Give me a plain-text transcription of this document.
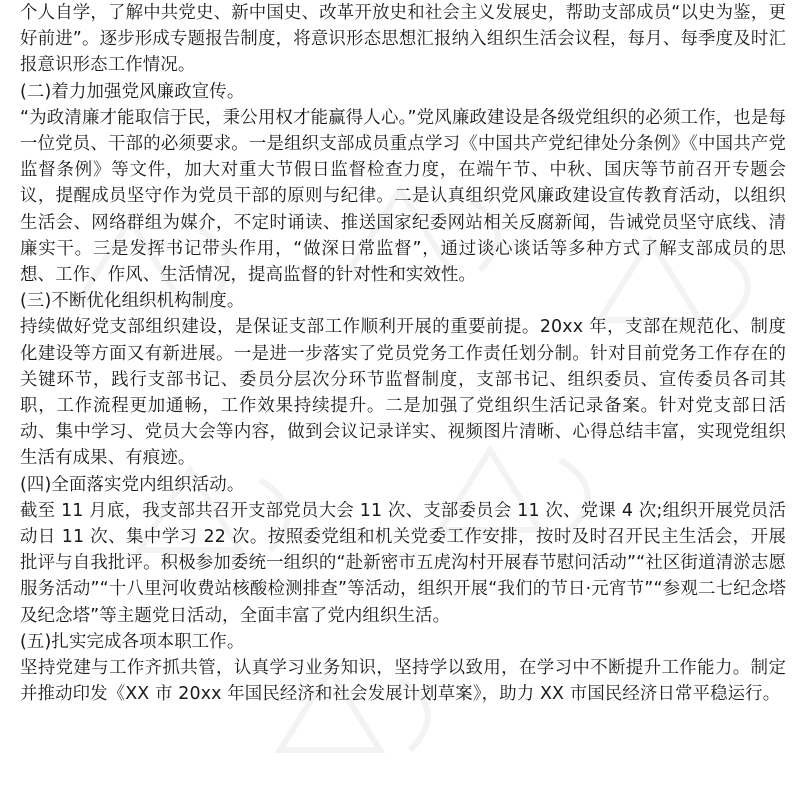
个人自学，了解中共党史、新中国史、改革开放史和社会主义发展史，帮助支部成员“以史为鉴，更好前进”。逐步形成专题报告制度，将意识形态思想汇报纳入组织生活会议程，每月、每季度及时汇报意识形态工作情况。

(二)着力加强党风廉政宣传。

“为政清廉才能取信于民，秉公用权才能赢得人心。”党风廉政建设是各级党组织的必须工作，也是每一位党员、干部的必须要求。一是组织支部成员重点学习《中国共产党纪律处分条例》《中国共产党监督条例》等文件，加大对重大节假日监督检查力度，在端午节、中秋、国庆等节前召开专题会议，提醒成员坚守作为党员干部的原则与纪律。二是认真组织党风廉政建设宣传教育活动，以组织生活会、网络群组为媒介，不定时诵读、推送国家纪委网站相关反腐新闻，告诫党员坚守底线、清廉实干。三是发挥书记带头作用，“做深日常监督”，通过谈心谈话等多种方式了解支部成员的思想、工作、作风、生活情况，提高监督的针对性和实效性。

(三)不断优化组织机构制度。

持续做好党支部组织建设，是保证支部工作顺利开展的重要前提。20xx 年，支部在规范化、制度化建设等方面又有新进展。一是进一步落实了党员党务工作责任划分制。针对目前党务工作存在的关键环节，践行支部书记、委员分层次分环节监督制度，支部书记、组织委员、宣传委员各司其职，工作流程更加通畅，工作效果持续提升。二是加强了党组织生活记录备案。针对党支部日活动、集中学习、党员大会等内容，做到会议记录详实、视频图片清晰、心得总结丰富，实现党组织生活有成果、有痕迹。

(四)全面落实党内组织活动。

截至 11 月底，我支部共召开支部党员大会 11 次、支部委员会 11 次、党课 4 次;组织开展党员活动日 11 次、集中学习 22 次。按照委党组和机关党委工作安排，按时及时召开民主生活会，开展批评与自我批评。积极参加委统一组织的“赴新密市五虎沟村开展春节慰问活动”“社区街道清淤志愿服务活动”“十八里河收费站核酸检测排查”等活动，组织开展“我们的节日·元宵节”“参观二七纪念塔及纪念塔”等主题党日活动，全面丰富了党内组织生活。

(五)扎实完成各项本职工作。

坚持党建与工作齐抓共管，认真学习业务知识，坚持学以致用，在学习中不断提升工作能力。制定并推动印发《XX 市 20xx 年国民经济和社会发展计划草案》，助力 XX 市国民经济日常平稳运行。
